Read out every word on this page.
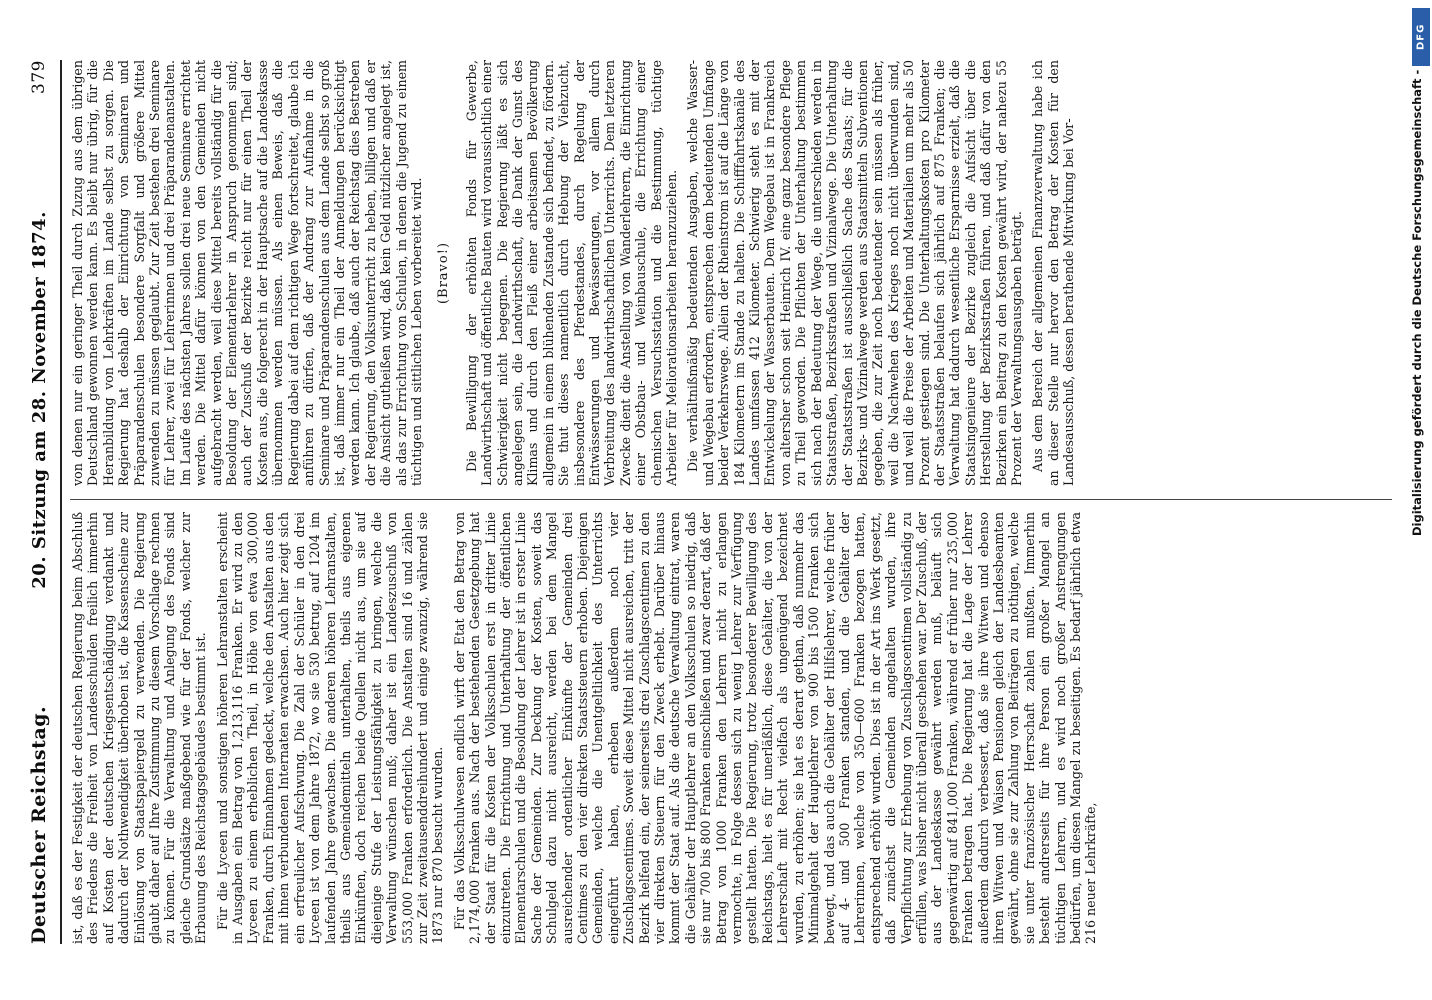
Deutscher Reichstag.
20. Sitzung am 28. November 1874.
379

ist, daß es der Festigkeit der deutschen Regierung beim Abschluß des Friedens die Freiheit von Landesschulden freilich immerhin auf Kosten der deutschen Kriegsentschädigung verdankt und dadurch der Nothwendigkeit überhoben ist, die Kassenscheine zur Einlösung von Staatspapiergeld zu verwenden. Die Regierung glaubt daher auf Ihre Zustimmung zu diesem Vorschlage rechnen zu können. Für die Verwaltung und Anlegung des Fonds sind gleiche Grundsätze maßgebend wie für der Fonds, welcher zur Erbauung des Reichstagsgebäudes bestimmt ist. Für die Lyceen und sonstigen höheren Lehranstalten erscheint in Ausgaben ein Betrag von 1,213,116 Franken. Er wird zu den Lyceen zu einem erheblichen Theil, in Höhe von etwa 300,000 Franken, durch Einnahmen gedeckt, welche den Anstalten aus den mit ihnen verbundenen Internaten erwachsen. Auch hier zeigt sich ein erfreulicher Aufschwung. Die Zahl der Schüler in den drei Lyceen ist von dem Jahre 1872, wo sie 530 betrug, auf 1204 im laufenden Jahre gewachsen. Die anderen höheren Lehranstalten, theils aus Gemeindemitteln unterhalten, theils aus eigenen Einkünften, doch reichen beide Quellen nicht aus, um sie auf diejenige Stufe der Leistungsfähigkeit zu bringen, welche die Verwaltung wünschen muß; daher ist ein Landeszuschuß von 553,000 Franken erforderlich. Die Anstalten sind 16 und zählen zur Zeit zweitausenddreihundert und einige zwanzig, während sie 1873 nur 870 besucht wurden. Für das Volksschulwesen endlich wirft der Etat den Betrag von 2,174,000 Franken aus. Nach der bestehenden Gesetzgebung hat der Staat für die Kosten der Volksschulen erst in dritter Linie einzutreten. Die Errichtung und Unterhaltung der öffentlichen Elementarschulen und die Besoldung der Lehrer ist in erster Linie Sache der Gemeinden. Zur Deckung der Kosten, soweit das Schulgeld dazu nicht ausreicht, werden bei dem Mangel ausreichender ordentlicher Einkünfte der Gemeinden drei Centimes zu den vier direkten Staatssteuern erhoben. Diejenigen Gemeinden, welche die Unentgeltlichkeit des Unterrichts eingeführt haben, erheben außerdem noch vier Zuschlagscentimes. Soweit diese Mittel nicht ausreichen, tritt der Bezirk helfend ein, der seinerseits drei Zuschlagscentimen zu den vier direkten Steuern für den Zweck erhebt. Darüber hinaus kommt der Staat auf. Als die deutsche Verwaltung eintrat, waren die Gehälter der Hauptlehrer an den Volksschulen so niedrig, daß sie nur 700 bis 800 Franken einschließen und zwar derart, daß der Betrag von 1000 Franken den Lehrern nicht zu erlangen vermochte, in Folge dessen sich zu wenig Lehrer zur Verfügung gestellt hatten. Die Regierung, trotz besonderer Bewilligung des Reichstags, hielt es für unerläßlich, diese Gehälter, die von der Lehrerschaft mit Recht vielfach als ungenügend bezeichnet wurden, zu erhöhen; sie hat es derart gethan, daß nunmehr das Minimalgehalt der Hauptlehrer von 900 bis 1500 Franken sich bewegt, und das auch die Gehälter der Hilfslehrer, welche früher auf 4- und 500 Franken standen, und die Gehälter der Lehrerinnen, welche von 350—600 Franken bezogen hatten, entsprechend erhöht wurden. Dies ist in der Art ins Werk gesetzt, daß zunächst die Gemeinden angehalten wurden, ihre Verpflichtung zur Erhebung von Zuschlagscentimen vollständig zu erfüllen, was bisher nicht überall geschehen war. Der Zuschuß, der aus der Landeskasse gewährt werden muß, beläuft sich gegenwärtig auf 841,000 Franken, während er früher nur 235,000 Franken betragen hat. Die Regierung hat die Lage der Lehrer außerdem dadurch verbessert, daß sie ihre Witwen und ebenso ihren Witwen und Waisen Pensionen gleich der Landesbeamten gewährt, ohne sie zur Zahlung von Beiträgen zu nöthigen, welche sie unter französischer Herrschaft zahlen mußten. Immerhin besteht andrerseits für ihre Person ein großer Mangel an tüchtigen Lehrern, und es wird noch großer Anstrengungen bedürfen, um diesen Mangel zu beseitigen. Es bedarf jährlich etwa 216 neuer Lehrkräfte,

von denen nur ein geringer Theil durch Zuzug aus dem übrigen Deutschland gewonnen werden kann. Es bleibt nur übrig, für die Heranbildung von Lehrkräften im Lande selbst zu sorgen. Die Regierung hat deshalb der Einrichtung von Seminaren und Präparandenschulen besondere Sorgfalt und größere Mittel zuwenden zu müssen geglaubt. Zur Zeit bestehen drei Seminare für Lehrer, zwei für Lehrerinnen und drei Präparandenanstalten. Im Laufe des nächsten Jahres sollen drei neue Seminare errichtet werden. Die Mittel dafür können von den Gemeinden nicht aufgebracht werden, weil diese Mittel bereits vollständig für die Besoldung der Elementarlehrer in Anspruch genommen sind; auch der Zuschuß der Bezirke reicht nur für einen Theil der Kosten aus, die folgerecht in der Hauptsache auf die Landeskasse übernommen werden müssen. Als einen Beweis, daß die Regierung dabei auf dem richtigen Wege fortschreitet, glaube ich anführen zu dürfen, daß der Andrang zur Aufnahme in die Seminare und Präparandenschulen aus dem Lande selbst so groß ist, daß immer nur ein Theil der Anmeldungen berücksichtigt werden kann. Ich glaube, daß auch der Reichstag dies Bestreben der Regierung, den Volksunterricht zu heben, billigen und daß er die Ansicht gutheißen wird, daß kein Geld nützlicher angelegt ist, als das zur Errichtung von Schulen, in denen die Jugend zu einem tüchtigen und sittlichen Leben vorbereitet wird. (Bravo!) Die Bewilligung der erhöhten Fonds für Gewerbe, Landwirthschaft und öffentliche Bauten wird voraussichtlich einer Schwierigkeit nicht begegnen. Die Regierung läßt es sich angelegen sein, die Landwirthschaft, die Dank der Gunst des Klimas und durch den Fleiß einer arbeitsamen Bevölkerung allgemein in einem blühenden Zustande sich befindet, zu fördern. Sie thut dieses namentlich durch Hebung der Viehzucht, insbesondere des Pferdestandes, durch Regelung der Entwässerungen und Bewässerungen, vor allem durch Verbreitung des landwirthschaftlichen Unterrichts. Dem letzteren Zwecke dient die Anstellung von Wanderlehrern, die Einrichtung einer Obstbau- und Weinbauschule, die Errichtung einer chemischen Versuchsstation und die Bestimmung, tüchtige Arbeiter für Meliorationsarbeiten heranzuziehen. Die verhältnißmäßig bedeutenden Ausgaben, welche Wasser- und Wegebau erfordern, entsprechen dem bedeutenden Umfange beider Verkehrswege. Allein der Rheinstrom ist auf die Länge von 184 Kilometern im Stande zu halten. Die Schifffahrtskanäle des Landes umfassen 412 Kilometer. Schwierig steht es mit der Entwickelung der Wasserbauten. Dem Wegebau ist in Frankreich von altersher schon seit Heinrich IV. eine ganz besondere Pflege zu Theil geworden. Die Pflichten der Unterhaltung bestimmen sich nach der Bedeutung der Wege, die unterschieden werden in Staatsstraßen, Bezirksstraßen und Vizinalwege. Die Unterhaltung der Staatsstraßen ist ausschließlich Sache des Staats; für die Bezirks- und Vizinalwege werden aus Staatsmitteln Subventionen gegeben, die zur Zeit noch bedeutender sein müssen als früher, weil die Nachwehen des Krieges noch nicht überwunden sind, und weil die Preise der Arbeiten und Materialien um mehr als 50 Prozent gestiegen sind. Die Unterhaltungskosten pro Kilometer der Staatsstraßen belaufen sich jährlich auf 875 Franken; die Verwaltung hat dadurch wesentliche Ersparnisse erzielt, daß die Staatsingenieure der Bezirke zugleich die Aufsicht über die Herstellung der Bezirksstraßen führen, und daß dafür von den Bezirken ein Beitrag zu den Kosten gewährt wird, der nahezu 55 Prozent der Verwaltungsausgaben beträgt. Aus dem Bereich der allgemeinen Finanzverwaltung habe ich an dieser Stelle nur hervor den Betrag der Kosten für den Landesausschuß, dessen berathende Mitwirkung bei Vor-

DFG
Digitalisierung gefördert durch die Deutsche Forschungsgemeinschaft -
